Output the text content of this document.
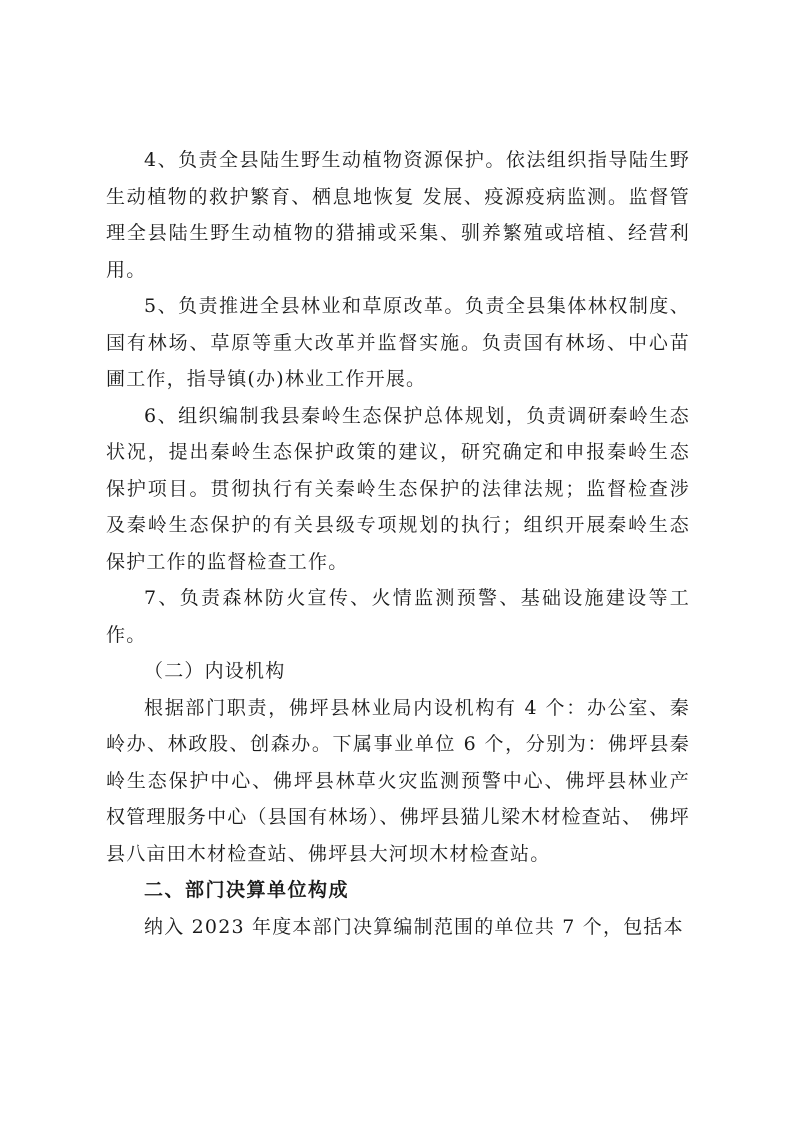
4、负责全县陆生野生动植物资源保护。依法组织指导陆生野生动植物的救护繁育、栖息地恢复 发展、疫源疫病监测。监督管理全县陆生野生动植物的猎捕或采集、驯养繁殖或培植、经营利用。

5、负责推进全县林业和草原改革。负责全县集体林权制度、国有林场、草原等重大改革并监督实施。负责国有林场、中心苗圃工作，指导镇(办)林业工作开展。

6、组织编制我县秦岭生态保护总体规划，负责调研秦岭生态状况，提出秦岭生态保护政策的建议，研究确定和申报秦岭生态保护项目。贯彻执行有关秦岭生态保护的法律法规；监督检查涉及秦岭生态保护的有关县级专项规划的执行；组织开展秦岭生态保护工作的监督检查工作。

7、负责森林防火宣传、火情监测预警、基础设施建设等工作。

（二）内设机构

根据部门职责，佛坪县林业局内设机构有 4 个：办公室、秦岭办、林政股、创森办。下属事业单位 6 个，分别为：佛坪县秦岭生态保护中心、佛坪县林草火灾监测预警中心、佛坪县林业产权管理服务中心（县国有林场）、佛坪县猫儿梁木材检查站、 佛坪县八亩田木材检查站、佛坪县大河坝木材检查站。

二、部门决算单位构成

纳入 2023 年度本部门决算编制范围的单位共 7 个，包括本
